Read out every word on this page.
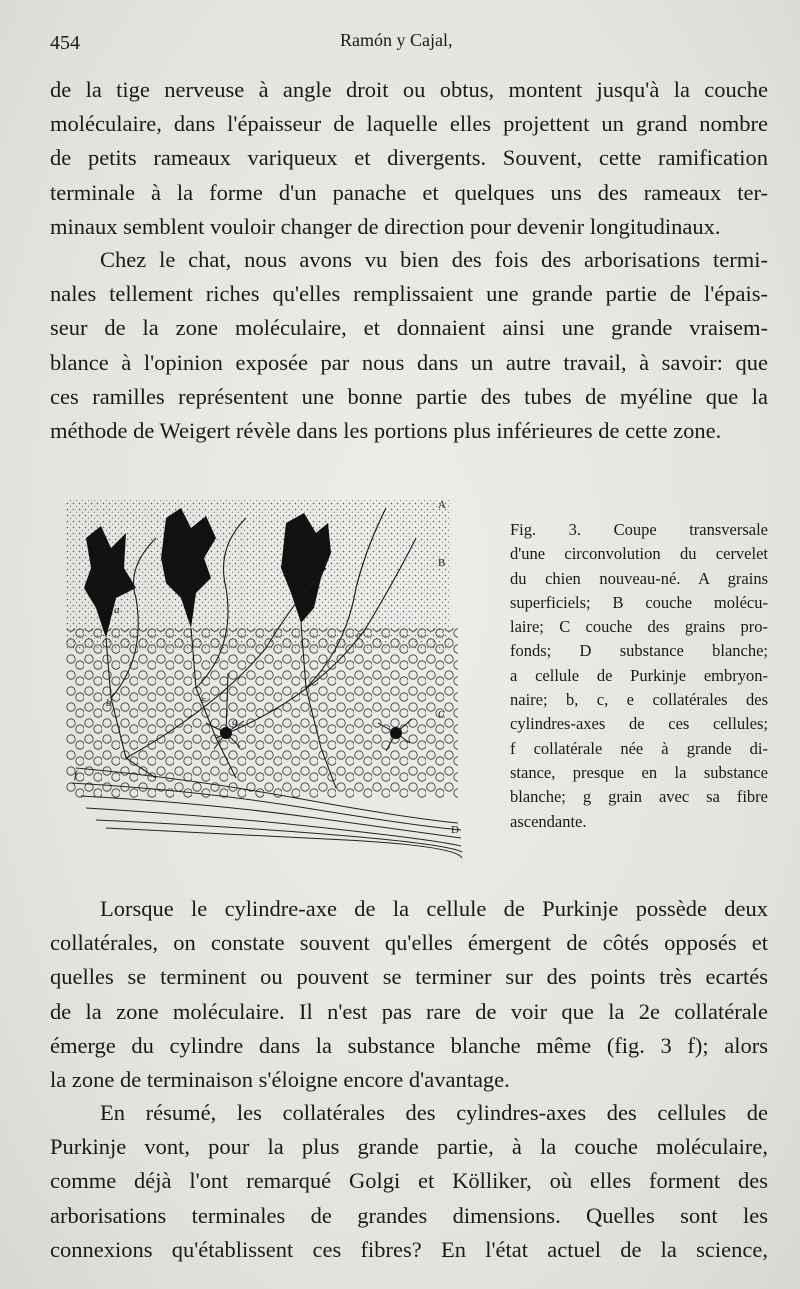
454	Ramón y Cajal,

de la tige nerveuse à angle droit ou obtus, montent jusqu'à la couche
moléculaire, dans l'épaisseur de laquelle elles projettent un grand nombre
de petits rameaux variqueux et divergents. Souvent, cette ramification
terminale à la forme d'un panache et quelques uns des rameaux ter-
minaux semblent vouloir changer de direction pour devenir longitudinaux.

Chez le chat, nous avons vu bien des fois des arborisations termi-
nales tellement riches qu'elles remplissaient une grande partie de l'épais-
seur de la zone moléculaire, et donnaient ainsi une grande vraisem-
blance à l'opinion exposée par nous dans un autre travail, à savoir: que
ces ramilles représentent une bonne partie des tubes de myéline que la
méthode de Weigert révèle dans les portions plus inférieures de cette zone.

A
B
C
D
a
b	c
e
f
g

Fig. 3. Coupe transversale
d'une circonvolution du cervelet
du chien nouveau-né. A grains
superficiels; B couche molécu-
laire; C couche des grains pro-
fonds; D substance blanche;
a cellule de Purkinje embryon-
naire; b, c, e collatérales des
cylindres-axes de ces cellules;
f collatérale née à grande di-
stance, presque en la substance
blanche; g grain avec sa fibre
ascendante.

Lorsque le cylindre-axe de la cellule de Purkinje possède deux
collatérales, on constate souvent qu'elles émergent de côtés opposés et
quelles se terminent ou pouvent se terminer sur des points très ecartés
de la zone moléculaire. Il n'est pas rare de voir que la 2e collatérale
émerge du cylindre dans la substance blanche même (fig. 3 f); alors
la zone de terminaison s'éloigne encore d'avantage.

En résumé, les collatérales des cylindres-axes des cellules de
Purkinje vont, pour la plus grande partie, à la couche moléculaire,
comme déjà l'ont remarqué Golgi et Kölliker, où elles forment des
arborisations terminales de grandes dimensions. Quelles sont les
connexions qu'établissent ces fibres? En l'état actuel de la science,
